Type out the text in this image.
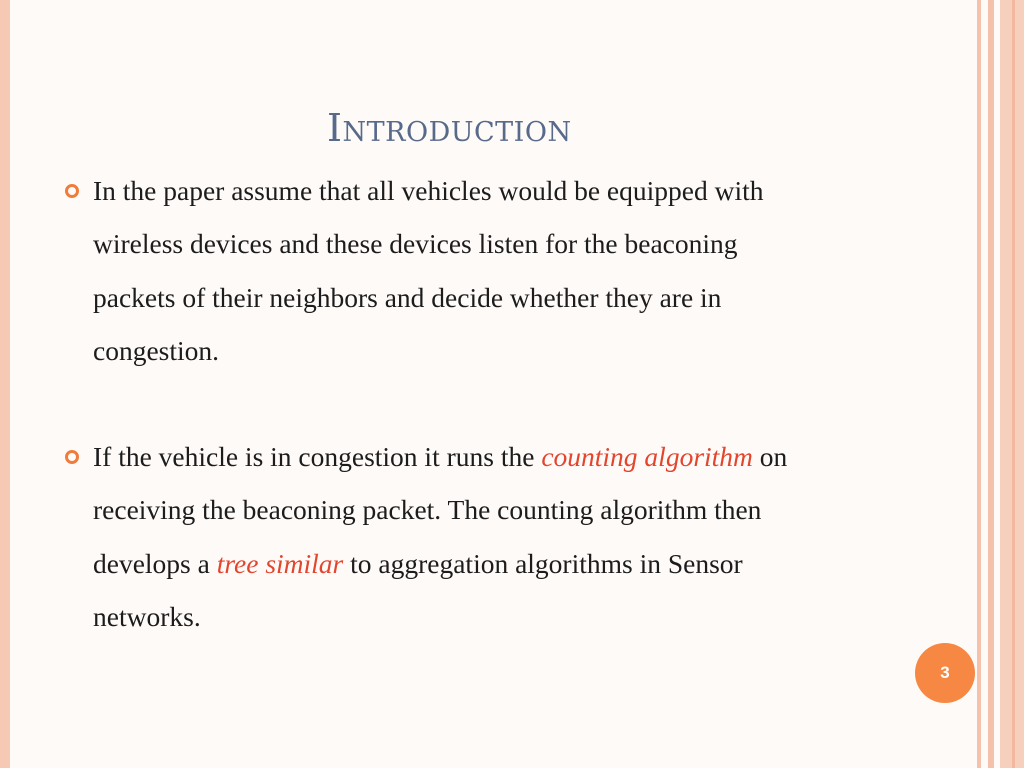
Introduction
In the paper assume that all vehicles would be equipped with
wireless devices and these devices listen for the beaconing
packets of their neighbors and decide whether they are in
congestion.
If the vehicle is in congestion it runs the counting algorithm on
receiving the beaconing packet. The counting algorithm then
develops a tree similar to aggregation algorithms in Sensor
networks.
3
